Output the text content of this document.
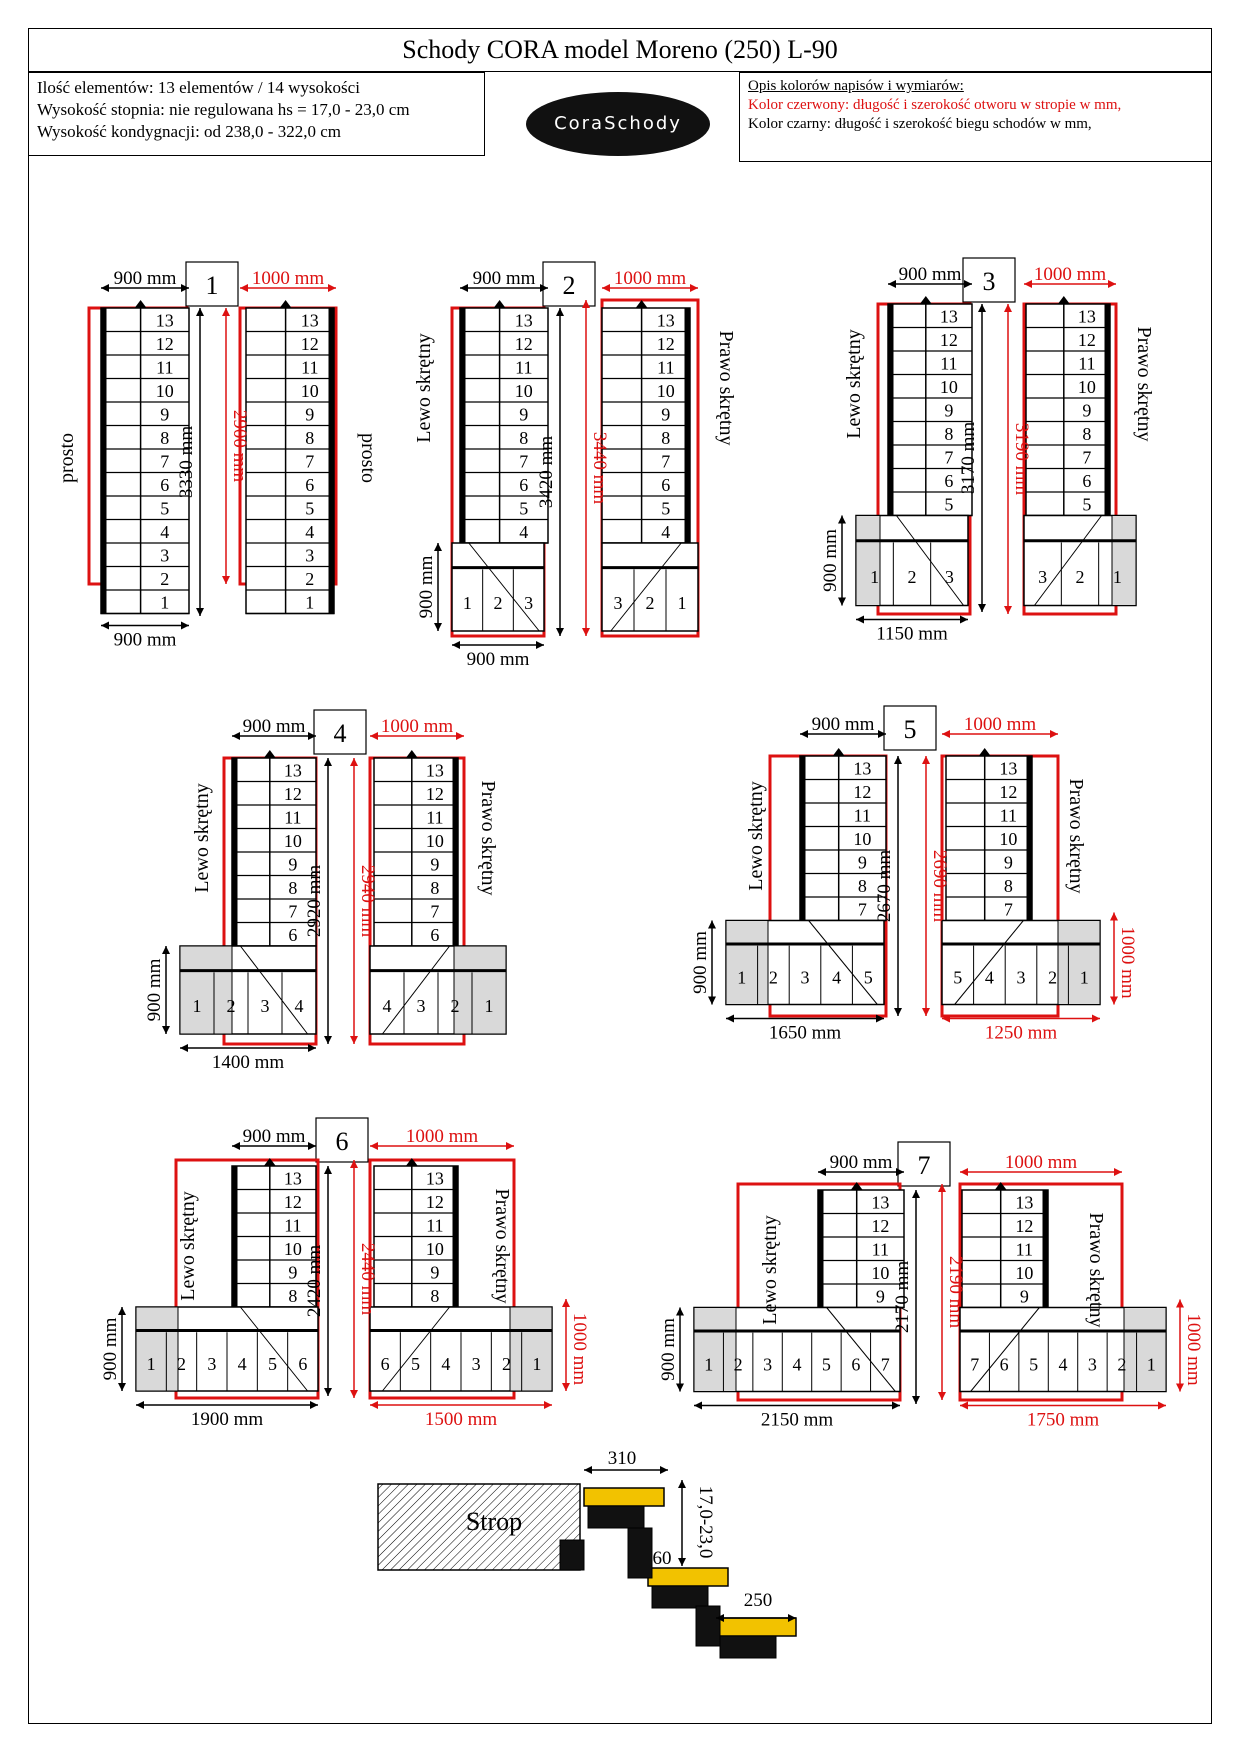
Schody CORA model Moreno (250) L-90
Ilość elementów: 13 elementów / 14 wysokości
Wysokość stopnia: nie regulowana hs = 17,0 - 23,0 cm
Wysokość kondygnacji: od 238,0 - 322,0 cm	CoraSchody
Opis kolorów napisów i wymiarów:
Kolor czerwony: długość i szerokość otworu w stropie w mm,
Kolor czarny: długość i szerokość biegu schodów w mm,
1
900 mm	1000 mm
13
12
11
10
9
8
7
6
5
4
3
2
1
13
12
11
10
9
8
7
6
5
4
3
2
1
900 mm
3330 mm 2900 mm
prosto	prosto
2
900 mm	1000 mm
13
12
11
10
9
8
7
6
5
4
13
12
11
10
9
8
7
6
5
4
1 2 3	3 2 1
900 mm
900 mm
3420 mm 3440 mm
Lewo skrętny	Prawo skrętny
3
900 mm	1000 mm
13
12
11
10
9
8
7
6
5
13
12
11
10
9
8
7
6
5
1 2 3	3 2 1
900 mm
1150 mm
3170 mm 3190 mm
Lewo skrętny	Prawo skrętny
4
900 mm	1000 mm
13
12
11
10
9
8
7
6
13
12
11
10
9
8
7
6
1 2 3 4	4 3 2 1
900 mm
1400 mm
2920 mm 2940 mm
Lewo skrętny	Prawo skrętny
5
900 mm	1000 mm
13
12
11
10
9
8
7
13
12
11
10
9
8
7
1 2 3 4 5	5 4 3 2 1
900 mm	1000 mm
1650 mm	1250 mm
2670 mm 2690 mm
Lewo skrętny	Prawo skrętny
6
900 mm	1000 mm
13
12
11
10
9
8
13
12
11
10
9
8
1 2 3 4 5 6	6 5 4 3 2 1
900 mm	1000 mm
1900 mm	1500 mm
2420 mm 2440 mm
Lewo skrętny	Prawo skrętny
7
900 mm	1000 mm
13
12
11
10
9
13
12
11
10
9
1 2 3 4 5 6 7	7 6 5 4 3 2 1
900 mm	1000 mm
2150 mm	1750 mm
2170 mm 2190 mm
Lewo skrętny	Prawo skrętny
Strop
310
17,0-23,0
60
250
